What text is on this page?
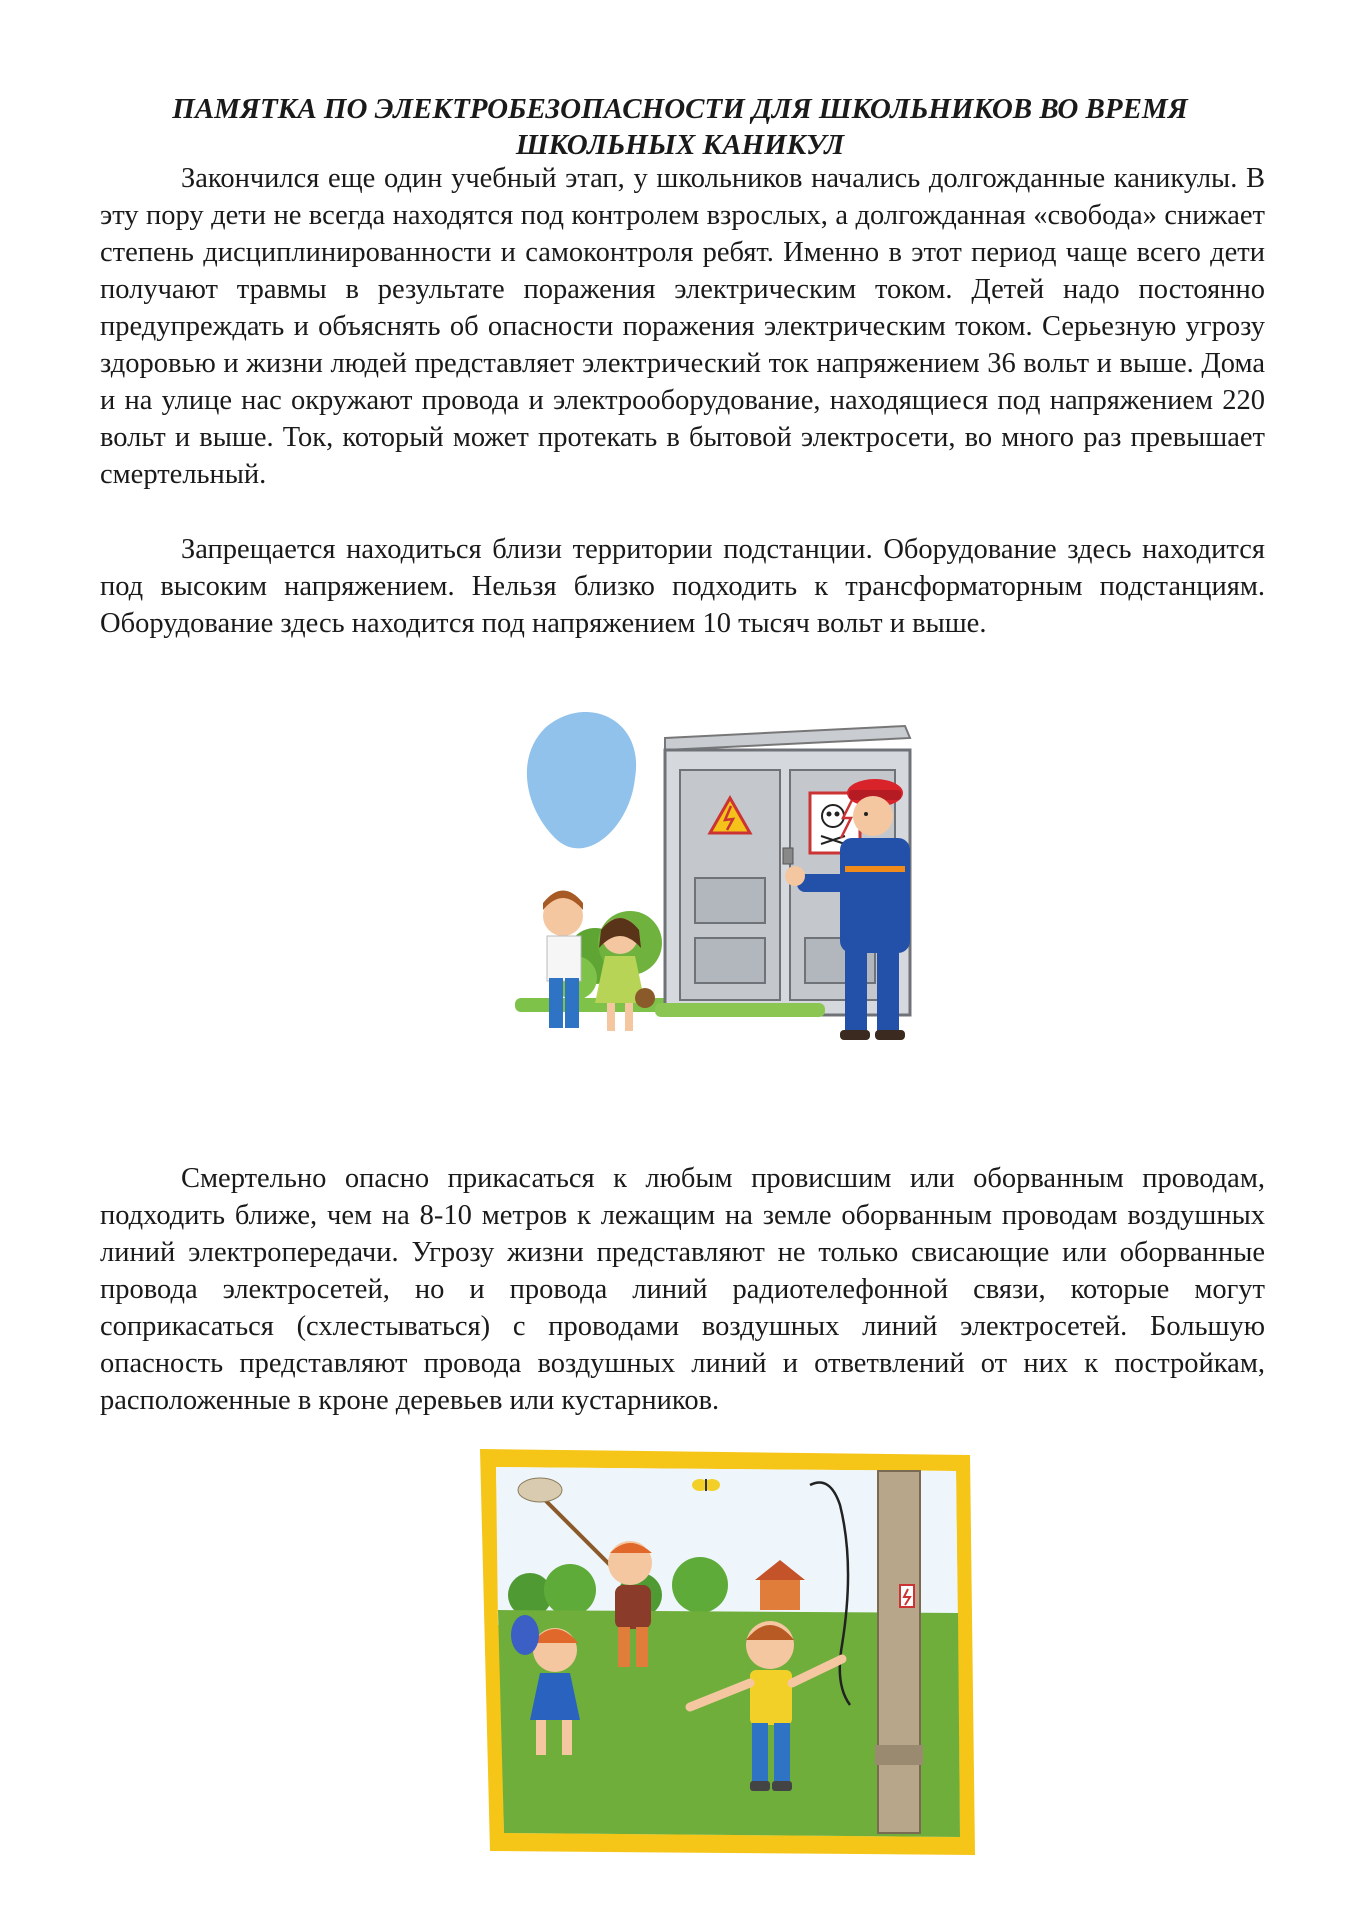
ПАМЯТКА ПО ЭЛЕКТРОБЕЗОПАСНОСТИ ДЛЯ ШКОЛЬНИКОВ ВО ВРЕМЯ ШКОЛЬНЫХ КАНИКУЛ

Закончился еще один учебный этап, у школьников начались долгожданные каникулы. В эту пору дети не всегда находятся под контролем взрослых, а долгожданная «свобода» снижает степень дисциплинированности и самоконтроля ребят. Именно в этот период чаще всего дети получают травмы в результате поражения электрическим током. Детей надо постоянно предупреждать и объяснять об опасности поражения электрическим током. Серьезную угрозу здоровью и жизни людей представляет электрический ток напряжением 36 вольт и выше. Дома и на улице нас окружают провода и электрооборудование, находящиеся под напряжением 220 вольт и выше. Ток, который может протекать в бытовой электросети, во много раз превышает смертельный.

Запрещается находиться близи территории подстанции. Оборудование здесь находится под высоким напряжением. Нельзя близко подходить к трансформаторным подстанциям. Оборудование здесь находится под напряжением 10 тысяч вольт и выше.

Смертельно опасно прикасаться к любым провисшим или оборванным проводам, подходить ближе, чем на 8-10 метров к лежащим на земле оборванным проводам воздушных линий электропередачи. Угрозу жизни представляют не только свисающие или оборванные провода электросетей, но и провода линий радиотелефонной связи, которые могут соприкасаться (схлестываться) с проводами воздушных линий электросетей. Большую опасность представляют провода воздушных линий и ответвлений от них к постройкам, расположенные в кроне деревьев или кустарников.
